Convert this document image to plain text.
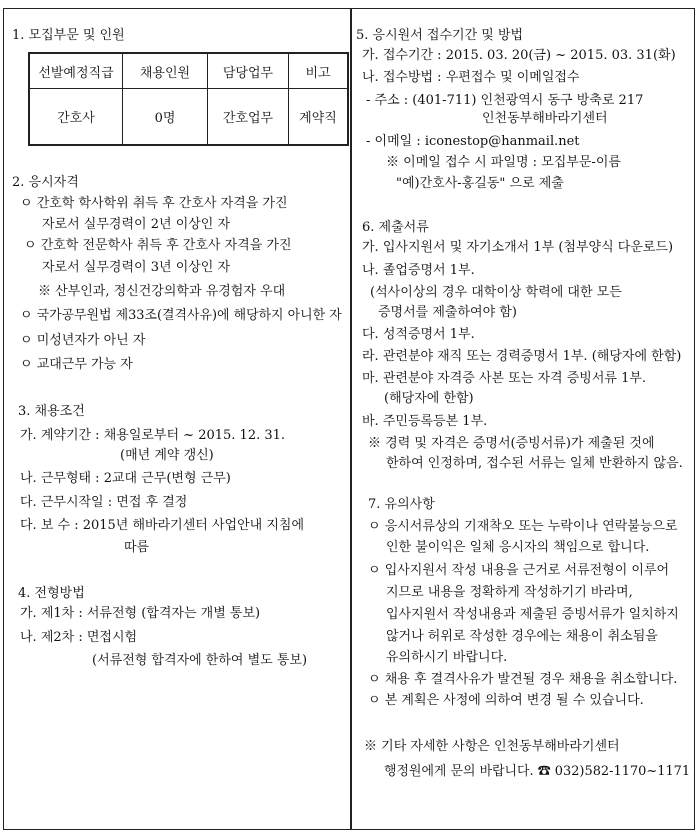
1. 모집부문 및 인원
선발예정직급	채용인원	담당업무	비고
간호사	0명	간호업무	계약직
2. 응시자격
ㅇ 간호학 학사학위 취득 후 간호사 자격을 가진
자로서 실무경력이 2년 이상인 자
ㅇ 간호학 전문학사 취득 후 간호사 자격을 가진
자로서 실무경력이 3년 이상인 자
※ 산부인과, 정신건강의학과 유경험자 우대
ㅇ 국가공무원법 제33조(결격사유)에 해당하지 아니한 자
ㅇ 미성년자가 아닌 자
ㅇ 교대근무 가능 자
3. 채용조건
가. 계약기간 : 채용일로부터 ~ 2015. 12. 31.
(매년 계약 갱신)
나. 근무형태 : 2교대 근무(변형 근무)
다. 근무시작일 : 면접 후 결정
다. 보 수 : 2015년 해바라기센터 사업안내 지침에
따름
4. 전형방법
가. 제1차 : 서류전형 (합격자는 개별 통보)
나. 제2차 : 면접시험
(서류전형 합격자에 한하여 별도 통보)
5. 응시원서 접수기간 및 방법
가. 접수기간 : 2015. 03. 20(금) ~ 2015. 03. 31(화)
나. 접수방법 : 우편접수 및 이메일접수
- 주소 : (401-711) 인천광역시 동구 방축로 217
인천동부해바라기센터
- 이메일 : iconestop@hanmail.net
※ 이메일 접수 시 파일명 : 모집부문-이름
"예)간호사-홍길동" 으로 제출
6. 제출서류
가. 입사지원서 및 자기소개서 1부 (첨부양식 다운로드)
나. 졸업증명서 1부.
(석사이상의 경우 대학이상 학력에 대한 모든
증명서를 제출하여야 함)
다. 성적증명서 1부.
라. 관련분야 재직 또는 경력증명서 1부. (해당자에 한함)
마. 관련분야 자격증 사본 또는 자격 증빙서류 1부.
(해당자에 한함)
바. 주민등록등본 1부.
※ 경력 및 자격은 증명서(증빙서류)가 제출된 것에
한하여 인정하며, 접수된 서류는 일체 반환하지 않음.
7. 유의사항
ㅇ 응시서류상의 기재착오 또는 누락이나 연락불능으로
인한 불이익은 일체 응시자의 책임으로 합니다.
ㅇ 입사지원서 작성 내용을 근거로 서류전형이 이루어
지므로 내용을 정확하게 작성하기기 바라며,
입사지원서 작성내용과 제출된 증빙서류가 일치하지
않거나 허위로 작성한 경우에는 채용이 취소됨을
유의하시기 바랍니다.
ㅇ 채용 후 결격사유가 발견될 경우 채용을 취소합니다.
ㅇ 본 계획은 사정에 의하여 변경 될 수 있습니다.
※ 기타 자세한 사항은 인천동부해바라기센터
행정원에게 문의 바랍니다. ☎ 032)582-1170~1171
